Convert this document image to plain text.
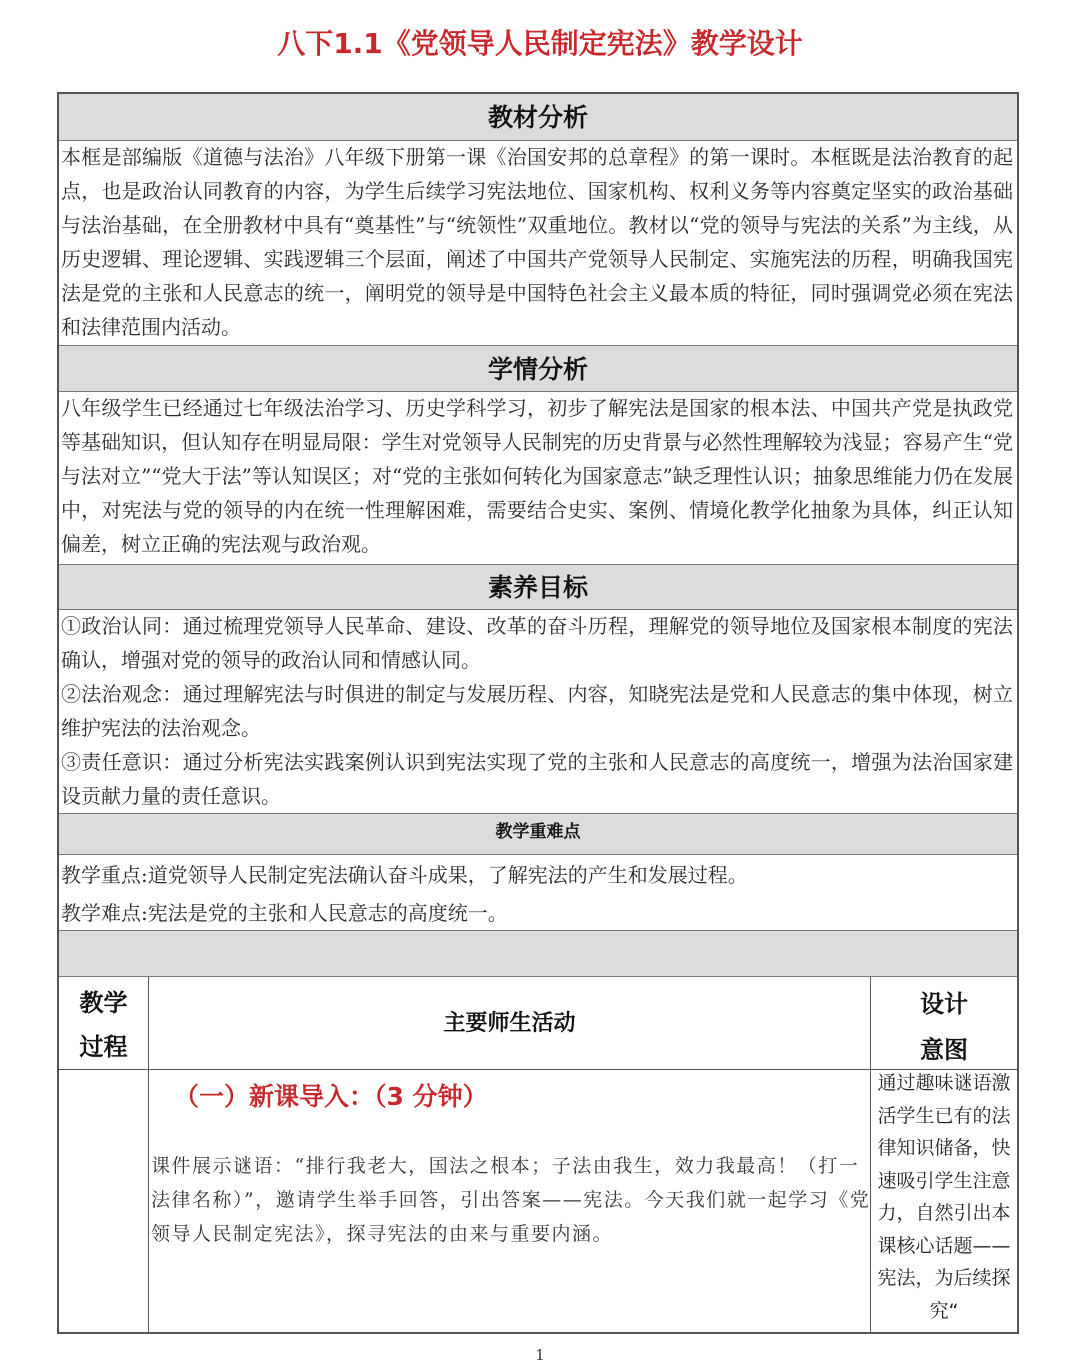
八下1.1《党领导人民制定宪法》教学设计
教材分析
本框是部编版《道德与法治》八年级下册第一课《治国安邦的总章程》的第一课时。本框既是法治教育的起点，也是政治认同教育的内容，为学生后续学习宪法地位、国家机构、权利义务等内容奠定坚实的政治基础与法治基础，在全册教材中具有“奠基性”与“统领性”双重地位。教材以“党的领导与宪法的关系”为主线，从历史逻辑、理论逻辑、实践逻辑三个层面，阐述了中国共产党领导人民制定、实施宪法的历程，明确我国宪法是党的主张和人民意志的统一，阐明党的领导是中国特色社会主义最本质的特征，同时强调党必须在宪法和法律范围内活动。
学情分析
八年级学生已经通过七年级法治学习、历史学科学习，初步了解宪法是国家的根本法、中国共产党是执政党等基础知识，但认知存在明显局限：学生对党领导人民制宪的历史背景与必然性理解较为浅显；容易产生“党与法对立”“党大于法”等认知误区；对“党的主张如何转化为国家意志”缺乏理性认识；抽象思维能力仍在发展中，对宪法与党的领导的内在统一性理解困难，需要结合史实、案例、情境化教学化抽象为具体，纠正认知偏差，树立正确的宪法观与政治观。
素养目标

①政治认同：通过梳理党领导人民革命、建设、改革的奋斗历程，理解党的领导地位及国家根本制度的宪法确认，增强对党的领导的政治认同和情感认同。

②法治观念：通过理解宪法与时俱进的制定与发展历程、内容，知晓宪法是党和人民意志的集中体现，树立维护宪法的法治观念。

③责任意识：通过分析宪法实践案例认识到宪法实现了党的主张和人民意志的高度统一，增强为法治国家建设贡献力量的责任意识。

教学重难点

教学重点:道党领导人民制定宪法确认奋斗成果，了解宪法的产生和发展过程。

教学难点:宪法是党的主张和人民意志的高度统一。

教学
过程
主要师生活动
设计
意图
（一）新课导入：（3 分钟）
课件展示谜语：“排行我老大，国法之根本；子法由我生，效力我最高！（打一法律名称）”，邀请学生举手回答，引出答案——宪法。今天我们就一起学习《党领导人民制定宪法》，探寻宪法的由来与重要内涵。
通过趣味谜语激活学生已有的法律知识储备，快速吸引学生注意力，自然引出本课核心话题——宪法，为后续探究“
1
